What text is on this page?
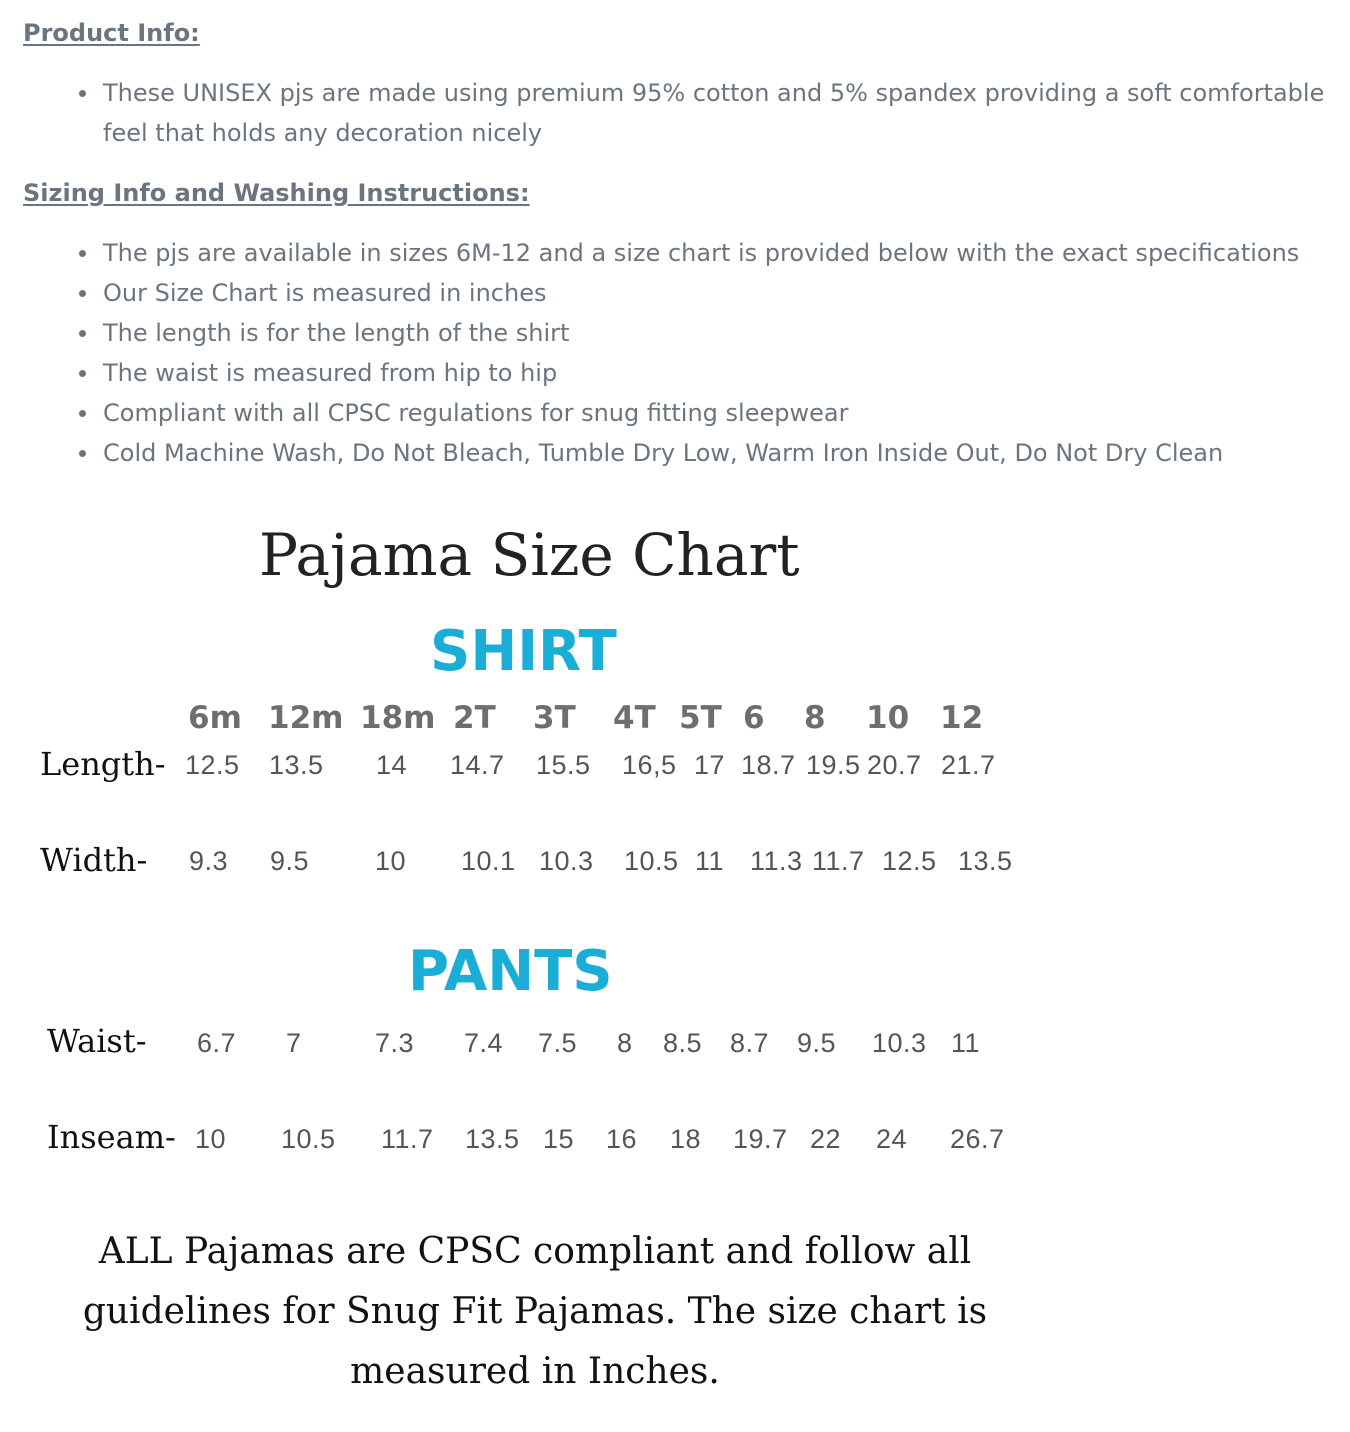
Product Info:
These UNISEX pjs are made using premium 95% cotton and 5% spandex providing a soft comfortable feel that holds any decoration nicely
Sizing Info and Washing Instructions:
The pjs are available in sizes 6M-12 and a size chart is provided below with the exact specifications
Our Size Chart is measured in inches
The length is for the length of the shirt
The waist is measured from hip to hip
Compliant with all CPSC regulations for snug fitting sleepwear
Cold Machine Wash, Do Not Bleach, Tumble Dry Low, Warm Iron Inside Out, Do Not Dry Clean
Pajama Size Chart
SHIRT
PANTS
6m 12m 18m 2T 3T 4T 5T 6 8 10 12
Length- 12.5 13.5 14 14.7 15.5 16,5 17 18.7 19.5 20.7 21.7
Width- 9.3 9.5 10 10.1 10.3 10.5 11 11.3 11.7 12.5 13.5
Waist- 6.7 7	7.3 7.4 7.5 8 8.5 8.7 9.5 10.3 11
Inseam- 10 10.5 11.7 13.5 15 16 18 19.7 22 24 26.7
ALL Pajamas are CPSC compliant and follow all guidelines for Snug Fit Pajamas. The size chart is measured in Inches.
